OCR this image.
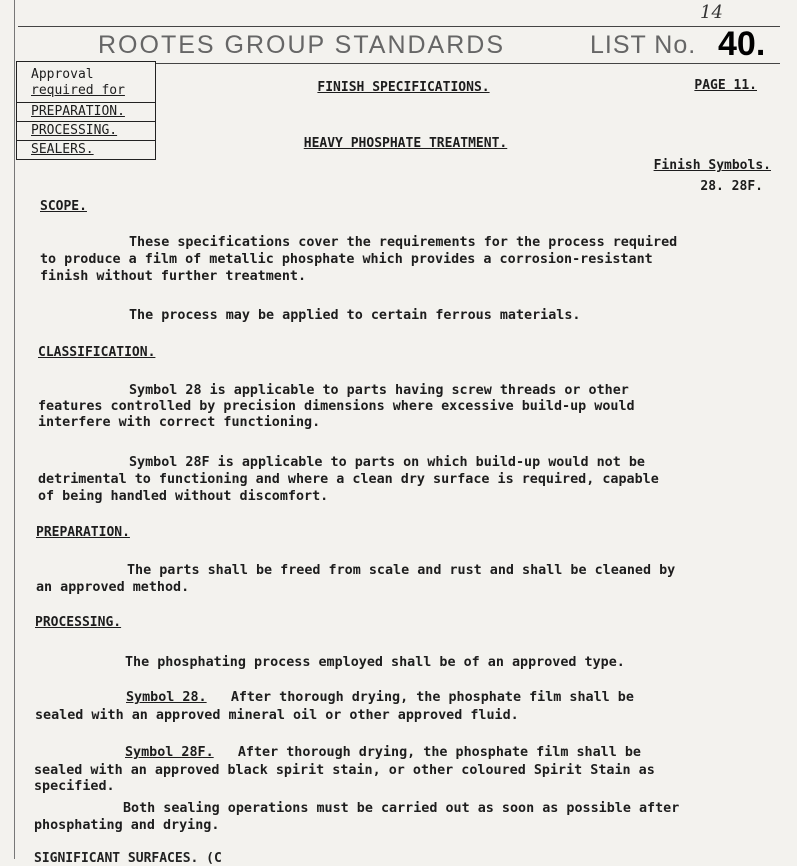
14
ROOTES GROUP STANDARDS	LIST No. 40.
Approval
required for
PREPARATION.
PROCESSING.
SEALERS.
FINISH SPECIFICATIONS.	PAGE 11.
HEAVY PHOSPHATE TREATMENT.
Finish Symbols.
28. 28F.
SCOPE.
These specifications cover the requirements for the process required
to produce a film of metallic phosphate which provides a corrosion-resistant
finish without further treatment.
The process may be applied to certain ferrous materials.
CLASSIFICATION.
Symbol 28 is applicable to parts having screw threads or other
features controlled by precision dimensions where excessive build-up would
interfere with correct functioning.
Symbol 28F is applicable to parts on which build-up would not be
detrimental to functioning and where a clean dry surface is required, capable
of being handled without discomfort.
PREPARATION.
The parts shall be freed from scale and rust and shall be cleaned by
an approved method.
PROCESSING.
The phosphating process employed shall be of an approved type.
Symbol 28. After thorough drying, the phosphate film shall be
sealed with an approved mineral oil or other approved fluid.
Symbol 28F. After thorough drying, the phosphate film shall be
sealed with an approved black spirit stain, or other coloured Spirit Stain as
specified.
Both sealing operations must be carried out as soon as possible after
phosphating and drying.
SIGNIFICANT SURFACES. (C
